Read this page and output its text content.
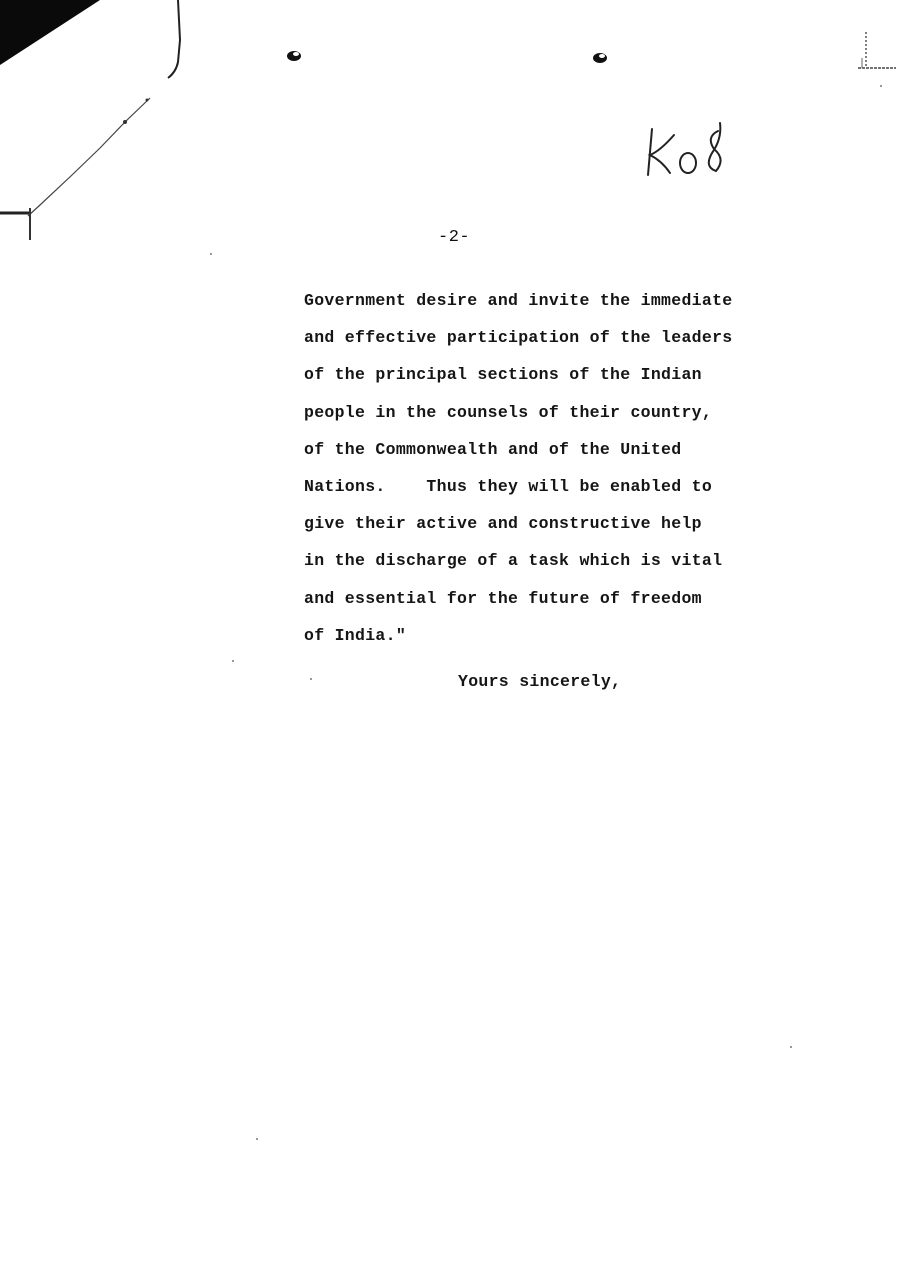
-2-
Government desire and invite the immediate
and effective participation of the leaders
of the principal sections of the Indian
people in the counsels of their country,
of the Commonwealth and of the United
Nations.    Thus they will be enabled to
give their active and constructive help
in the discharge of a task which is vital
and essential for the future of freedom
of India."
Yours sincerely,
